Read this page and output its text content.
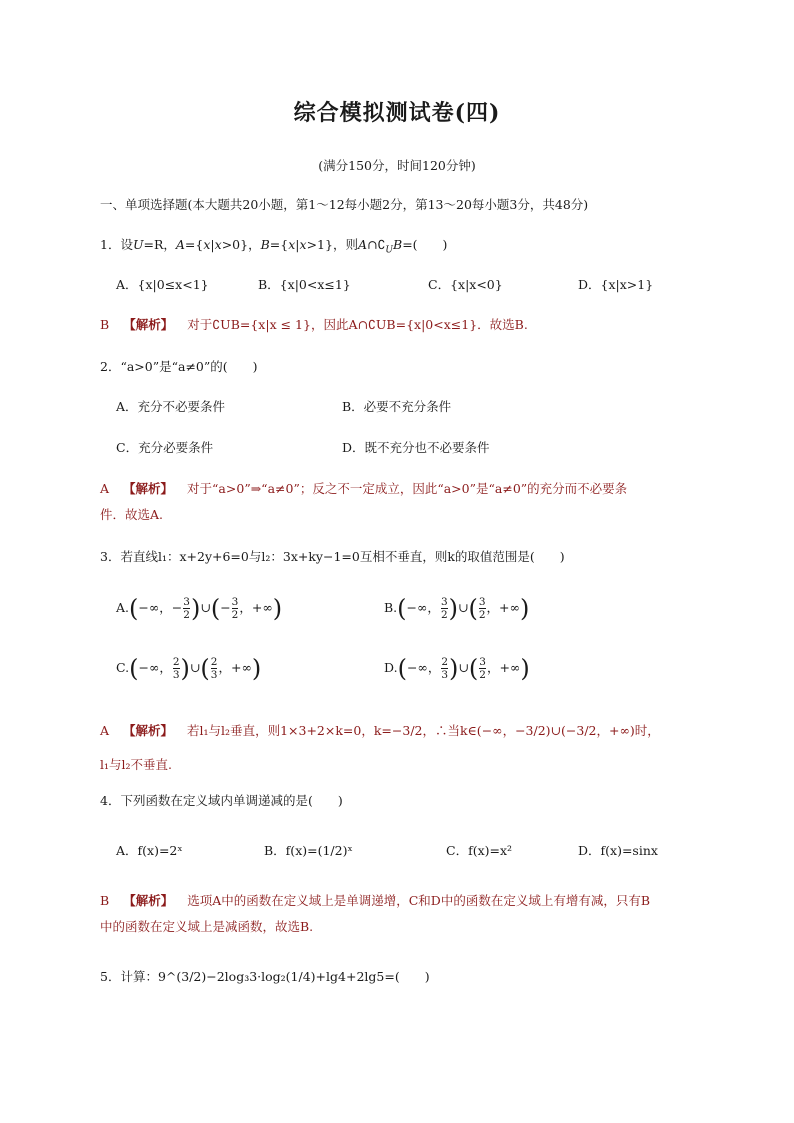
综合模拟测试卷(四)
(满分150分，时间120分钟)
一、单项选择题(本大题共20小题，第1～12每小题2分，第13～20每小题3分，共48分)
1．设U=R，A={x|x>0}，B={x|x>1}，则$A\cap∁_UB=$(　　)
A．{x|0≤x<1}	B．{x|0<x≤1}	C．{x|x<0}	D．{x|x>1}
B 【解析】 对于∁UB={x|x ≤ 1}，因此A∩∁UB={x|0<x≤1}．故选B.
2．“a>0”是“a≠0”的(　　)
A．充分不必要条件	B．必要不充分条件
C．充分必要条件	D．既不充分也不必要条件
A 【解析】 对于“a>0”⇒“a≠0”；反之不一定成立，因此“a>0”是“a≠0”的充分而不必要条
件．故选A.
3．若直线l₁：x+2y+6=0与l₂：3x+ky−1=0互相不垂直，则k的取值范围是(　　)
A.(−∞，− $\frac{3}{2}$ )∪(− $\frac{3}{2}$ ，+∞)	B.(−∞， $\frac{3}{2}$ )∪( $\frac{3}{2}$ ，+∞)
C.(−∞， $\frac{2}{3}$ )∪( $\frac{2}{3}$ ，+∞)	D.(−∞， $\frac{2}{3}$ )∪( $\frac{3}{2}$ ，+∞)
A 【解析】 若l₁与l₂垂直，则1×3+2×k=0，k=−3/2，∴当k∈(−∞，−3/2)∪(−3/2，+∞)时，
l₁与l₂不垂直.
4．下列函数在定义域内单调递减的是(　　)
A．f(x)=2ˣ	B．f(x)=(1/2)ˣ	C．f(x)=x²	D．f(x)=sinx
B 【解析】 选项A中的函数在定义域上是单调递增，C和D中的函数在定义域上有增有减，只有B
中的函数在定义域上是减函数，故选B.
5．计算：9^(3/2)−2log₃3·log₂(1/4)+lg4+2lg5=(　　)
